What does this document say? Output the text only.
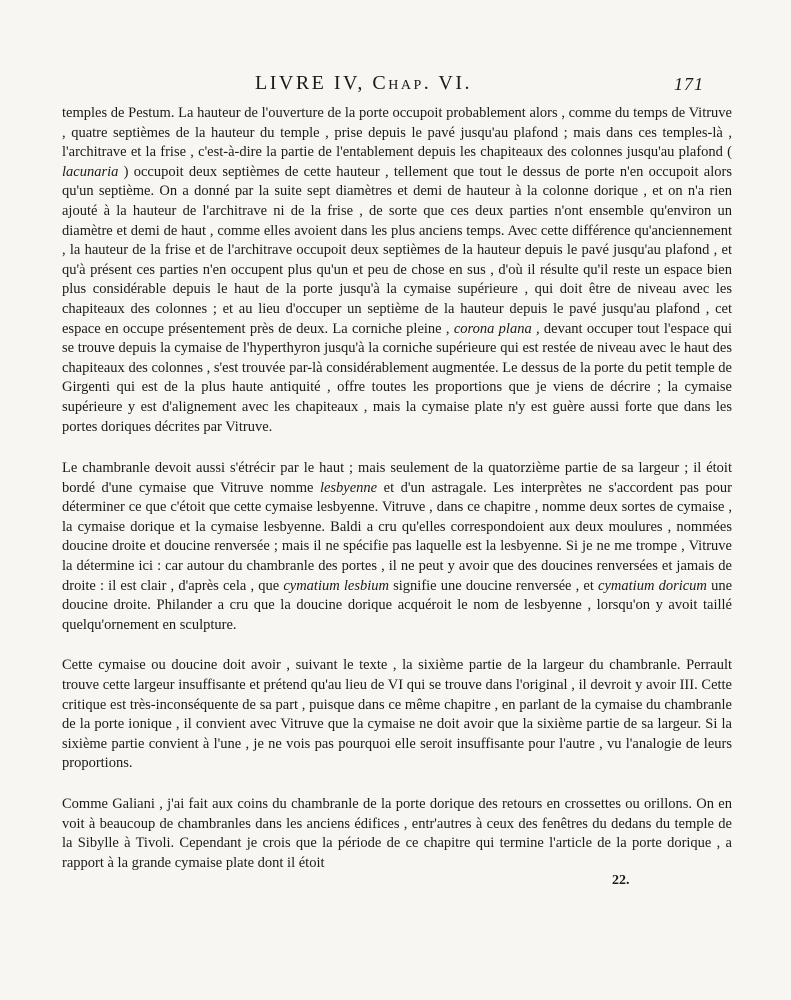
LIVRE IV, Chap. VI.	171

temples de Pestum. La hauteur de l'ouverture de la porte occupoit probablement alors , comme du temps de Vitruve , quatre septièmes de la hauteur du temple , prise depuis le pavé jusqu'au plafond ; mais dans ces temples-là , l'architrave et la frise , c'est-à-dire la partie de l'entablement depuis les chapiteaux des colonnes jusqu'au plafond ( lacunaria ) occupoit deux septièmes de cette hauteur , tellement que tout le dessus de porte n'en occupoit alors qu'un septième. On a donné par la suite sept diamètres et demi de hauteur à la colonne dorique , et on n'a rien ajouté à la hauteur de l'architrave ni de la frise , de sorte que ces deux parties n'ont ensemble qu'environ un diamètre et demi de haut , comme elles avoient dans les plus anciens temps. Avec cette différence qu'anciennement , la hauteur de la frise et de l'architrave occupoit deux septièmes de la hauteur depuis le pavé jusqu'au plafond , et qu'à présent ces parties n'en occupent plus qu'un et peu de chose en sus , d'où il résulte qu'il reste un espace bien plus considérable depuis le haut de la porte jusqu'à la cymaise supérieure , qui doit être de niveau avec les chapiteaux des colonnes ; et au lieu d'occuper un septième de la hauteur depuis le pavé jusqu'au plafond , cet espace en occupe présentement près de deux. La corniche pleine , corona plana , devant occuper tout l'espace qui se trouve depuis la cymaise de l'hyperthyron jusqu'à la corniche supérieure qui est restée de niveau avec le haut des chapiteaux des colonnes , s'est trouvée par-là considérablement augmentée. Le dessus de la porte du petit temple de Girgenti qui est de la plus haute antiquité , offre toutes les proportions que je viens de décrire ; la cymaise supérieure y est d'alignement avec les chapiteaux , mais la cymaise plate n'y est guère aussi forte que dans les portes doriques décrites par Vitruve.

Le chambranle devoit aussi s'étrécir par le haut ; mais seulement de la quatorzième partie de sa largeur ; il étoit bordé d'une cymaise que Vitruve nomme lesbyenne et d'un astragale. Les interprètes ne s'accordent pas pour déterminer ce que c'étoit que cette cymaise lesbyenne. Vitruve , dans ce chapitre , nomme deux sortes de cymaise , la cymaise dorique et la cymaise lesbyenne. Baldi a cru qu'elles correspondoient aux deux moulures , nommées doucine droite et doucine renversée ; mais il ne spécifie pas laquelle est la lesbyenne. Si je ne me trompe , Vitruve la détermine ici : car autour du chambranle des portes , il ne peut y avoir que des doucines renversées et jamais de droite : il est clair , d'après cela , que cymatium lesbium signifie une doucine renversée , et cymatium doricum une doucine droite. Philander a cru que la doucine dorique acquéroit le nom de lesbyenne , lorsqu'on y avoit taillé quelqu'ornement en sculpture.

Cette cymaise ou doucine doit avoir , suivant le texte , la sixième partie de la largeur du chambranle. Perrault trouve cette largeur insuffisante et prétend qu'au lieu de VI qui se trouve dans l'original , il devroit y avoir III. Cette critique est très-inconséquente de sa part , puisque dans ce même chapitre , en parlant de la cymaise du chambranle de la porte ionique , il convient avec Vitruve que la cymaise ne doit avoir que la sixième partie de sa largeur. Si la sixième partie convient à l'une , je ne vois pas pourquoi elle seroit insuffisante pour l'autre , vu l'analogie de leurs proportions.

Comme Galiani , j'ai fait aux coins du chambranle de la porte dorique des retours en crossettes ou orillons. On en voit à beaucoup de chambranles dans les anciens édifices , entr'autres à ceux des fenêtres du dedans du temple de la Sibylle à Tivoli. Cependant je crois que la période de ce chapitre qui termine l'article de la porte dorique , a rapport à la grande cymaise plate dont il étoit

22.
